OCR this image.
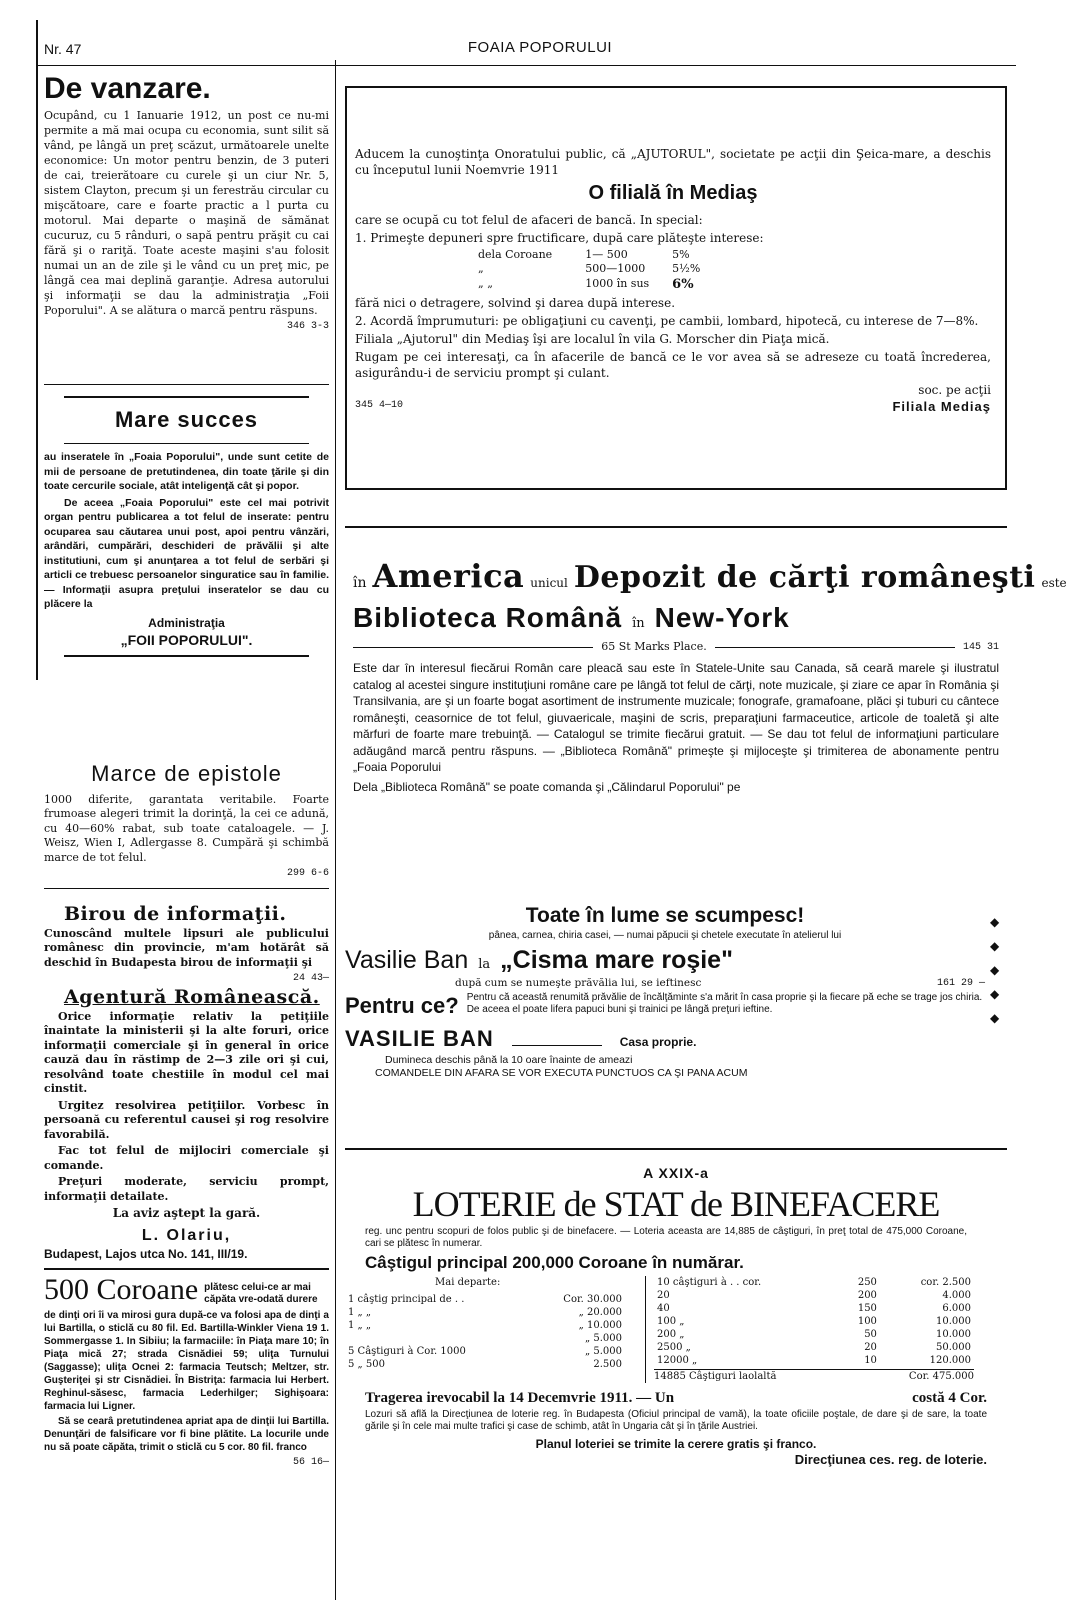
Nr. 47	FOAIA POPORULUI
De vanzare.

Ocupând, cu 1 Ianuarie 1912, un post ce nu-mi permite a mă mai ocupa cu economia, sunt silit să vând, pe lângă un preţ scăzut, următoarele unelte economice: Un motor pentru benzin, de 3 puteri de cai, treierătoare cu curele şi un ciur Nr. 5, sistem Clayton, precum şi un ferestrău circular cu mişcătoare, care e foarte practic a l purta cu motorul. Mai departe o maşină de sămănat cucuruz, cu 5 rânduri, o sapă pentru prăşit cu cai fără şi o rariţă. Toate aceste maşini s'au folosit numai un an de zile şi le vând cu un preţ mic, pe lângă cea mai deplină garanţie. Adresa autorului şi informaţii se dau la administraţia „Foii Poporului". A se alătura o marcă pentru răspuns.

346 3-3
Mare succes

au inseratele în „Foaia Poporului", unde sunt cetite de mii de persoane de pretutindenea, din toate ţările şi din toate cercurile sociale, atât inteligenţă cât şi popor.

De aceea „Foaia Poporului" este cel mai potrivit organ pentru publicarea a tot felul de inserate: pentru ocuparea sau căutarea unui post, apoi pentru vânzări, arândări, cumpărări, deschideri de prăvălii şi alte institutiuni, cum şi anunţarea a tot felul de serbări şi articli ce trebuesc persoanelor singuratice sau în familie. — Informaţii asupra preţului inseratelor se dau cu plăcere la

Administraţia
„FOII POPORULUI".
Marce de epistole

1000 diferite, garantata veritabile. Foarte frumoase alegeri trimit la dorinţă, la cei ce adună, cu 40—60% rabat, sub toate cataloagele. — J. Weisz, Wien I, Adlergasse 8. Cumpără şi schimbă marce de tot felul.

299 6-6
Birou de informaţii.

Cunoscând multele lipsuri ale publicului românesc din provincie, m'am hotărât să deschid în Budapesta birou de informaţii şi

24 43—
Agentură Românească.

Orice informaţie relativ la petiţiile înaintate la ministerii şi la alte foruri, orice informaţii comerciale şi în general în orice cauză dau în răstimp de 2—3 zile ori şi cui, resolvând toate chestiile în modul cel mai cinstit.

Urgitez resolvirea petiţiilor. Vorbesc în persoană cu referentul causei şi rog resolvire favorabilă.

Fac tot felul de mijlociri comerciale şi comande.

Preţuri moderate, serviciu prompt, informaţii detailate.

La aviz aştept la gară.
L. Olariu,
Budapest, Lajos utca No. 141, III/19.
500 Coroane plătesc celui-ce ar mai căpăta vre-odată durere

de dinţi ori îi va mirosi gura după-ce va folosi apa de dinţi a lui Bartilla, o sticlă cu 80 fil. Ed. Bartilla-Winkler Viena 19 1. Sommergasse 1. In Sibiiu; la farmaciile: în Piaţa mare 10; în Piaţa mică 27; strada Cisnădiei 59; uliţa Turnului (Saggasse); uliţa Ocnei 2: farmacia Teutsch; Meltzer, str. Guşteriţei şi str Cisnădiei. În Bistriţa: farmacia lui Herbert. Reghinul-săsesc, farmacia Lederhilger; Sighişoara: farmacia lui Ligner.

Să se cearâ pretutindenea apriat apa de dinţii lui Bartilla. Denunţări de falsificare vor fi bine plătite. La locurile unde nu să poate căpăta, trimit o sticlă cu 5 cor. 80 fil. franco

56 16—

Aducem la cunoştinţa Onoratului public, că „AJUTORUL", societate pe acţii din Şeica-mare, a deschis cu începutul lunii Noemvrie 1911

O filială în Mediaş

care se ocupă cu tot felul de afaceri de bancă. In special:

1. Primeşte depuneri spre fructificare, după care plăteşte interese:

dela Coroane	1— 500	5%
„	500—1000	5½%
„ „	1000 în sus	6%

fără nici o detragere, solvind şi darea după interese.

2. Acordă împrumuturi: pe obligaţiuni cu cavenţi, pe cambii, lombard, hipotecă, cu interese de 7—8%.

Filiala „Ajutorul" din Mediaş îşi are localul în vila G. Morscher din Piaţa mică.

Rugam pe cei interesaţi, ca în afacerile de bancă ce le vor avea să se adreseze cu toată încrederea, asigurându-i de serviciu prompt şi culant.

soc. pe acţii
345 4—10	Filiala Mediaş
în America unicul Depozit de cărţi româneşti este
Biblioteca Română în New-York
65 St Marks Place.	145 31

Este dar în interesul fiecărui Român care pleacă sau este în Statele-Unite sau Canada, să ceară marele şi ilustratul catalog al acestei singure instituţiuni române care pe lângă tot felul de cărţi, note muzicale, şi ziare ce apar în România şi Transilvania, are şi un foarte bogat asortiment de instrumente muzicale; fonografe, gramafoane, plăci şi tuburi cu cântece româneşti, ceasornice de tot felul, giuvaericale, maşini de scris, preparaţiuni farmaceutice, articole de toaletă şi alte mărfuri de foarte mare trebuinţă. — Catalogul se trimite fiecărui gratuit. — Se dau tot felul de informaţiuni particulare adăugând marcă pentru răspuns. — „Biblioteca Română" primeşte şi mijloceşte şi trimiterea de abonamente pentru „Foaia Poporului

Dela „Biblioteca Română" se poate comanda şi „Călindarul Poporului" pe
Toate în lume se scumpesc!
pânea, carnea, chiria casei, — numai păpucii şi chetele executate în atelierul lui
Vasilie Ban la „Cisma mare roşie"
după cum se numeşte prăvălia lui, se ieftinesc	161 29 —
Pentru ce? Pentru că această renumită prăvălie de încălţăminte s'a mărit în casa proprie şi la fiecare pă eche se trage jos chiria. De aceea el poate lifera papuci buni şi trainici pe lângă preţuri ieftine.
VASILIE BAN	Casa proprie.
Dumineca deschis până la 10 oare înainte de ameazi
COMANDELE DIN AFARA SE VOR EXECUTA PUNCTUOS CA ŞI PANA ACUM
◆
◆
◆
◆
◆
A XXIX-a
LOTERIE de STAT de BINEFACERE

reg. unc pentru scopuri de folos public şi de binefacere. — Loteria aceasta are 14,885 de câştiguri, în preţ total de 475,000 Coroane, cari se plătesc în numerar.

Câştigul principal 200,000 Coroane în numărar.
Mai departe:
1 câştig principal de . .	Cor. 30.000
1 „ „	„ 20.000
1 „ „	„ 10.000
	„ 5.000
5 Câştiguri à Cor. 1000	„ 5.000
5 „ 500	2.500
10 câştiguri à . . cor.	250	cor. 2.500
20	200	4.000
40	150	6.000
100 „	100	10.000
200 „	50	10.000
2500 „	20	50.000
12000 „	10	120.000
14885 Câştiguri laolaltă	Cor. 475.000
Tragerea irevocabil la 14 Decemvrie 1911. — Un	costă 4 Cor.

Lozuri să află la Direcţiunea de loterie reg. în Budapesta (Oficiul principal de vamă), la toate oficiile poştale, de dare şi de sare, la toate gările şi în cele mai multe trafici şi case de schimb, atât în Ungaria cât şi în ţările Austriei.

Planul loteriei se trimite la cerere gratis şi franco.
Direcţiunea ces. reg. de loterie.
